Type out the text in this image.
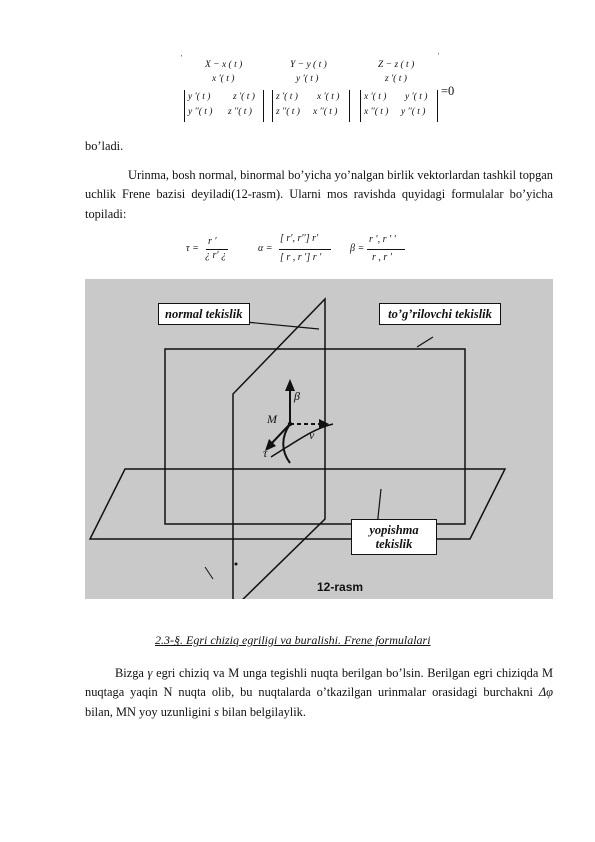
X − x ( t )	Y − y ( t )	Z − z ( t )
x ′( t )	y ′( t )	z ′( t )
y ′( t ) z ′( t )
y ′′( t ) z ′′( t )
z ′( t ) x ′( t )
z ′′( t ) x ′′( t )
x ′( t ) y ′( t )
x ′′( t ) y ′′( t )
=0
ˈ	ˈ
bo’ladi.
Urinma, bosh normal, binormal bo’yicha yo’nalgan birlik vektorlardan tashkil topgan uchlik Frene bazisi deyiladi(12-rasm). Ularni mos ravishda quyidagi formulalar bo’yicha topiladi:
τ =
r ′
¿ r′ ¿
α =
[ r′, r′′] r′
[ r , r ′] r ′
β =
r ′, r ′ ′
r , r ′
normal tekislik	to’g’rilovchi tekislik
yopishma tekislik
M
β
ν
τ
12-rasm
2.3-§. Egri chiziq egriligi va buralishi. Frene formulalari
Bizga γ egri chiziq va M unga tegishli nuqta berilgan bo’lsin. Berilgan egri chiziqda M nuqtaga yaqin N nuqta olib, bu nuqtalarda o’tkazilgan urinmalar orasidagi burchakni Δφ bilan, MN yoy uzunligini s bilan belgilaylik.
